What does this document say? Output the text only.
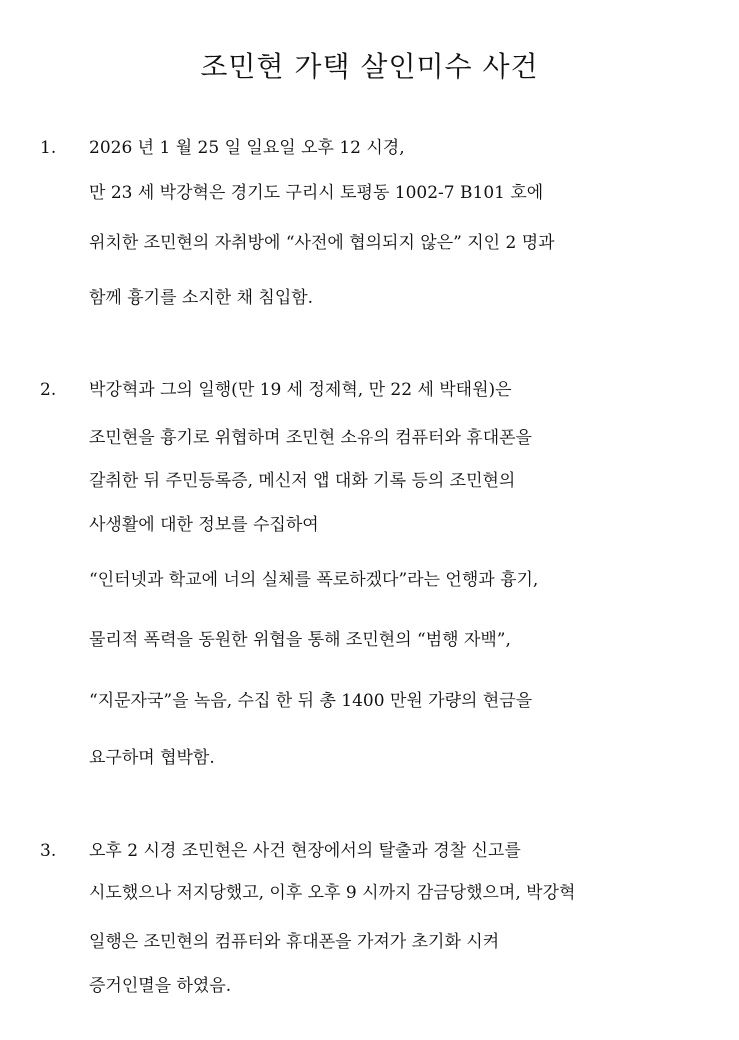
조민현 가택 살인미수 사건
1. 2026 년 1 월 25 일 일요일 오후 12 시경,
만 23 세 박강혁은 경기도 구리시 토평동 1002-7 B101 호에
위치한 조민현의 자취방에 “사전에 협의되지 않은” 지인 2 명과
함께 흉기를 소지한 채 침입함.
2. 박강혁과 그의 일행(만 19 세 정제혁, 만 22 세 박태원)은
조민현을 흉기로 위협하며 조민현 소유의 컴퓨터와 휴대폰을
갈취한 뒤 주민등록증, 메신저 앱 대화 기록 등의 조민현의
사생활에 대한 정보를 수집하여
“인터넷과 학교에 너의 실체를 폭로하겠다”라는 언행과 흉기,
물리적 폭력을 동원한 위협을 통해 조민현의 “범행 자백”,
“지문자국”을 녹음, 수집 한 뒤 총 1400 만원 가량의 현금을
요구하며 협박함.
3. 오후 2 시경 조민현은 사건 현장에서의 탈출과 경찰 신고를
시도했으나 저지당했고, 이후 오후 9 시까지 감금당했으며, 박강혁
일행은 조민현의 컴퓨터와 휴대폰을 가져가 초기화 시켜
증거인멸을 하였음.
